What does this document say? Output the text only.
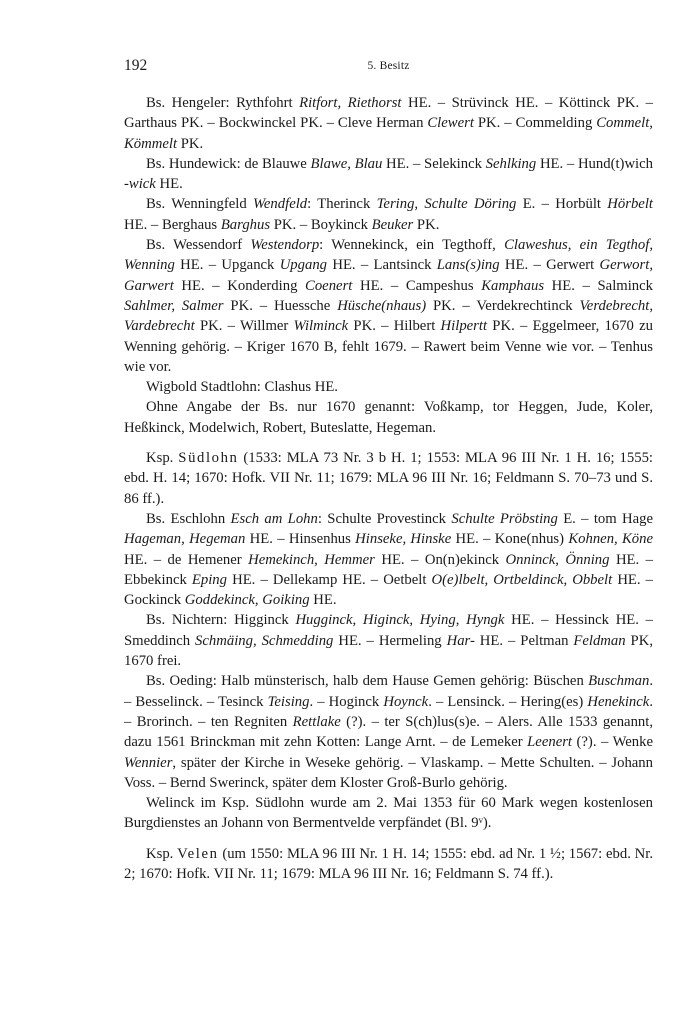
192	5. Besitz

Bs. Hengeler: Rythfohrt Ritfort, Riethorst HE. – Strüvinck HE. – Köttinck PK. – Garthaus PK. – Bockwinckel PK. – Cleve Herman Clewert PK. – Commelding Commelt, Kömmelt PK.

Bs. Hundewick: de Blauwe Blawe, Blau HE. – Selekinck Sehlking HE. – Hund(t)wich -wick HE.

Bs. Wenningfeld Wendfeld: Therinck Tering, Schulte Döring E. – Horbült Hörbelt HE. – Berghaus Barghus PK. – Boykinck Beuker PK.

Bs. Wessendorf Westendorp: Wennekinck, ein Tegthoff, Claweshus, ein Tegthof, Wenning HE. – Upganck Upgang HE. – Lantsinck Lans(s)ing HE. – Gerwert Gerwort, Garwert HE. – Konderding Coenert HE. – Campeshus Kamphaus HE. – Salminck Sahlmer, Salmer PK. – Huessche Hüsche(nhaus) PK. – Verdekrechtinck Verdebrecht, Vardebrecht PK. – Willmer Wilminck PK. – Hilbert Hilpertt PK. – Eggelmeer, 1670 zu Wenning gehörig. – Kriger 1670 B, fehlt 1679. – Rawert beim Venne wie vor. – Tenhus wie vor.

Wigbold Stadtlohn: Clashus HE.

Ohne Angabe der Bs. nur 1670 genannt: Voßkamp, tor Heggen, Jude, Koler, Heßkinck, Modelwich, Robert, Buteslatte, Hegeman.

Ksp. Südlohn (1533: MLA 73 Nr. 3 b H. 1; 1553: MLA 96 III Nr. 1 H. 16; 1555: ebd. H. 14; 1670: Hofk. VII Nr. 11; 1679: MLA 96 III Nr. 16; Feldmann S. 70–73 und S. 86 ff.).

Bs. Eschlohn Esch am Lohn: Schulte Provestinck Schulte Pröbsting E. – tom Hage Hageman, Hegeman HE. – Hinsenhus Hinseke, Hinske HE. – Kone(nhus) Kohnen, Köne HE. – de Hemener Hemekinch, Hemmer HE. – On(n)ekinck Onninck, Önning HE. – Ebbekinck Eping HE. – Dellekamp HE. – Oetbelt O(e)lbelt, Ortbeldinck, Obbelt HE. – Gockinck Goddekinck, Goiking HE.

Bs. Nichtern: Higginck Hugginck, Higinck, Hying, Hyngk HE. – Hessinck HE. – Smeddinch Schmäing, Schmedding HE. – Hermeling Har- HE. – Peltman Feldman PK, 1670 frei.

Bs. Oeding: Halb münsterisch, halb dem Hause Gemen gehörig: Büschen Buschman. – Besselinck. – Tesinck Teising. – Hoginck Hoynck. – Lensinck. – Hering(es) Henekinck. – Brorinch. – ten Regniten Rettlake (?). – ter S(ch)lus(s)e. – Alers. Alle 1533 genannt, dazu 1561 Brinckman mit zehn Kotten: Lange Arnt. – de Lemeker Leenert (?). – Wenke Wennier, später der Kirche in Weseke gehörig. – Vlaskamp. – Mette Schulten. – Johann Voss. – Bernd Swerinck, später dem Kloster Groß-Burlo gehörig.

Welinck im Ksp. Südlohn wurde am 2. Mai 1353 für 60 Mark wegen kostenlosen Burgdienstes an Johann von Bermentvelde verpfändet (Bl. 9ᵛ).

Ksp. Velen (um 1550: MLA 96 III Nr. 1 H. 14; 1555: ebd. ad Nr. 1 ½; 1567: ebd. Nr. 2; 1670: Hofk. VII Nr. 11; 1679: MLA 96 III Nr. 16; Feldmann S. 74 ff.).
